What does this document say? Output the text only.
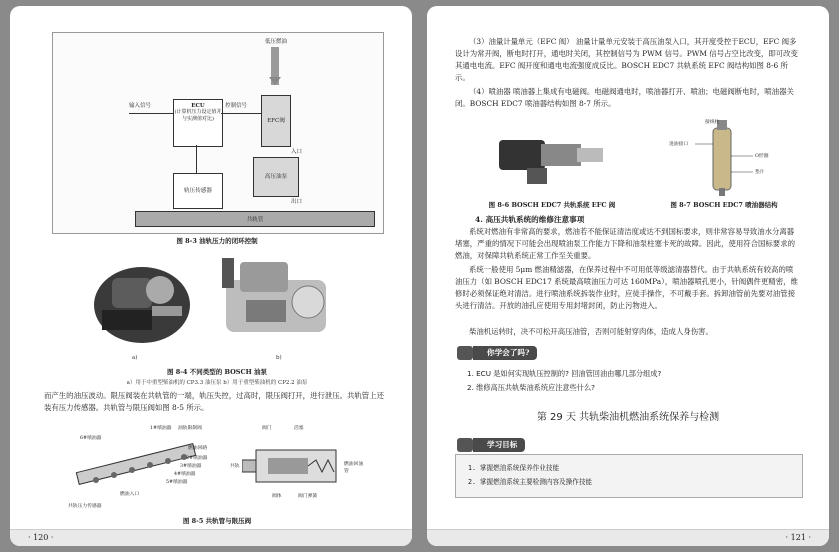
低压燃油
ECU
(计算机压力设定值并与实测值对比)
输入信号	控制信号
EFC阀
入口
高压油泵
出口
轨压传感器
共轨管
图 8-3 油轨压力的闭环控制
a)	b)
图 8-4 不同类型的 BOSCH 油泵
a）用于中重型柴油机的 CP3.3 油压泵 b）用于重型柴油机的 CP2.2 油泵

而产生的油压波动。限压阀装在共轨管的一端，轨压失控，过高时，限压阀打开，进行泄压。共轨管上还装有压力传感器。共轨管与限压阀如图 8-5 所示。

1#喷油器 油轨限制阀
燃油回路
6#喷油器
2#喷油器
3#喷油器
4#喷油器
5#喷油器
燃油入口
共轨压力传感器
阀门	活塞
共轨	燃油回油管
阀体	阀门弹簧
图 8-5 共轨管与限压阀
· 120 ·

（3）油量计量单元（EFC 阀） 油量计量单元安装于高压油泵入口，其开度受控于ECU，EFC 阀多设计为常开阀，断电时打开，通电时关闭，其控制信号为 PWM 信号。PWM 信号占空比改变，即可改变其通电电流。EFC 阀开度和通电电流强度成反比。BOSCH EDC7 共轨系统 EFC 阀结构如图 8-6 所示。

（4）喷油器 喷油器上集成有电磁阀。电磁阀通电时，喷油器打开、喷油；电磁阀断电时，喷油器关闭。BOSCH EDC7 喷油器结构如图 8-7 所示。

图 8-6 BOSCH EDC7 共轨系统 EFC 阀
接线柱
进油接口
O形圈
垫片
图 8-7 BOSCH EDC7 喷油器结构
4. 高压共轨系统的维修注意事项

系统对燃油有非常高的要求，燃油若不能保证清洁度或达不到国标要求，则非常容易导致油水分离器堵塞，严重的情况下可能会出现喷油泵工作能力下降和油泵柱塞卡死的故障。因此，使用符合国标要求的燃油，对保障共轨系统正常工作至关重要。

系统一般使用 5μm 燃油精滤器，在保养过程中不可用低等级滤清器替代。由于共轨系统有较高的喷油压力（如 BOSCH EDC17 系统最高喷油压力可达 160MPa），喷油器喷孔更小，针阀偶件更精密，维修时必须保证绝对清洁。进行喷油系统拆装作业时，应徒手操作，不可戴手套。拆卸油管前先要对油管接头进行清洁。开放的油孔应使用专用封堵封闭，防止污物进入。

柴油机运转时，决不可松开高压油管，否则可能射穿肉体，造成人身伤害。

你学会了吗?
1. ECU 是如何实现轨压控制的? 回油管回油由哪几部分组成?
2. 维修高压共轨柴油系统应注意些什么?
第 29 天 共轨柴油机燃油系统保养与检测
学习目标
1. 掌握燃油系统保养作业技能
2. 掌握燃油系统主要检测内容及操作技能
· 121 ·
